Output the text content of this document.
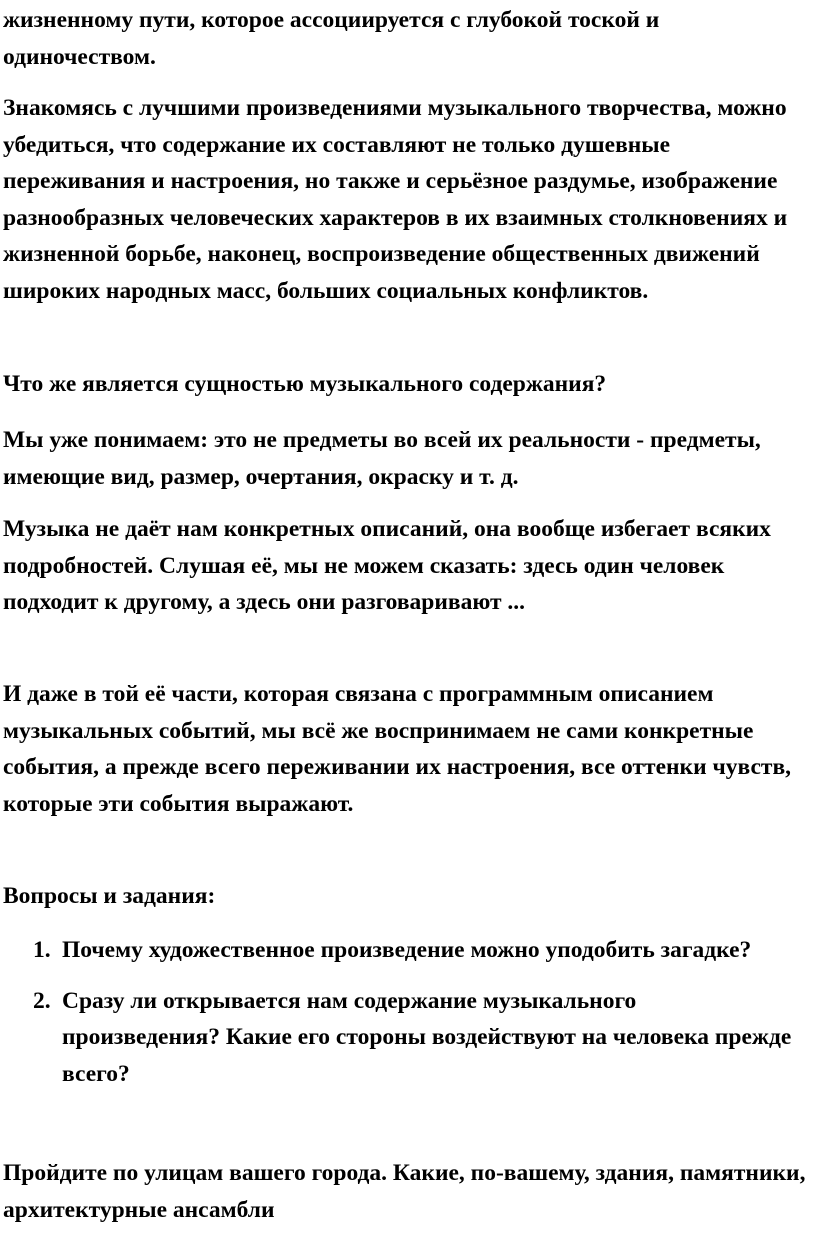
жизненному пути, которое ассоциируется с глубокой тоской и одиночеством.

Знакомясь с лучшими произведениями музыкального творчества, можно убедиться, что содержание их составляют не только душевные переживания и настроения, но также и серьёзное раздумье, изображение разнообразных человеческих характеров в их взаимных столкновениях и жизненной борьбе, наконец, воспроизведение общественных движений широких народных масс, больших социальных конфликтов.

Что же является сущностью музыкального содержания?

Мы уже понимаем: это не предметы во всей их реальности - предметы, имеющие вид, размер, очертания, окраску и т. д.

Музыка не даёт нам конкретных описаний, она вообще избегает всяких подробностей. Слушая её, мы не можем сказать: здесь один человек подходит к другому, а здесь они разговаривают ...

И даже в той её части, которая связана с программным описанием музыкальных событий, мы всё же воспринимаем не сами конкретные события, а прежде всего переживании их настроения, все оттенки чувств, которые эти события выражают.

Вопросы и задания:

1. Почему художественное произведение можно уподобить загадке?
2. Сразу ли открывается нам содержание музыкального произведения? Какие его стороны воздействуют на человека прежде всего?

Пройдите по улицам вашего города. Какие, по-вашему, здания, памятники, архитектурные ансамбли
